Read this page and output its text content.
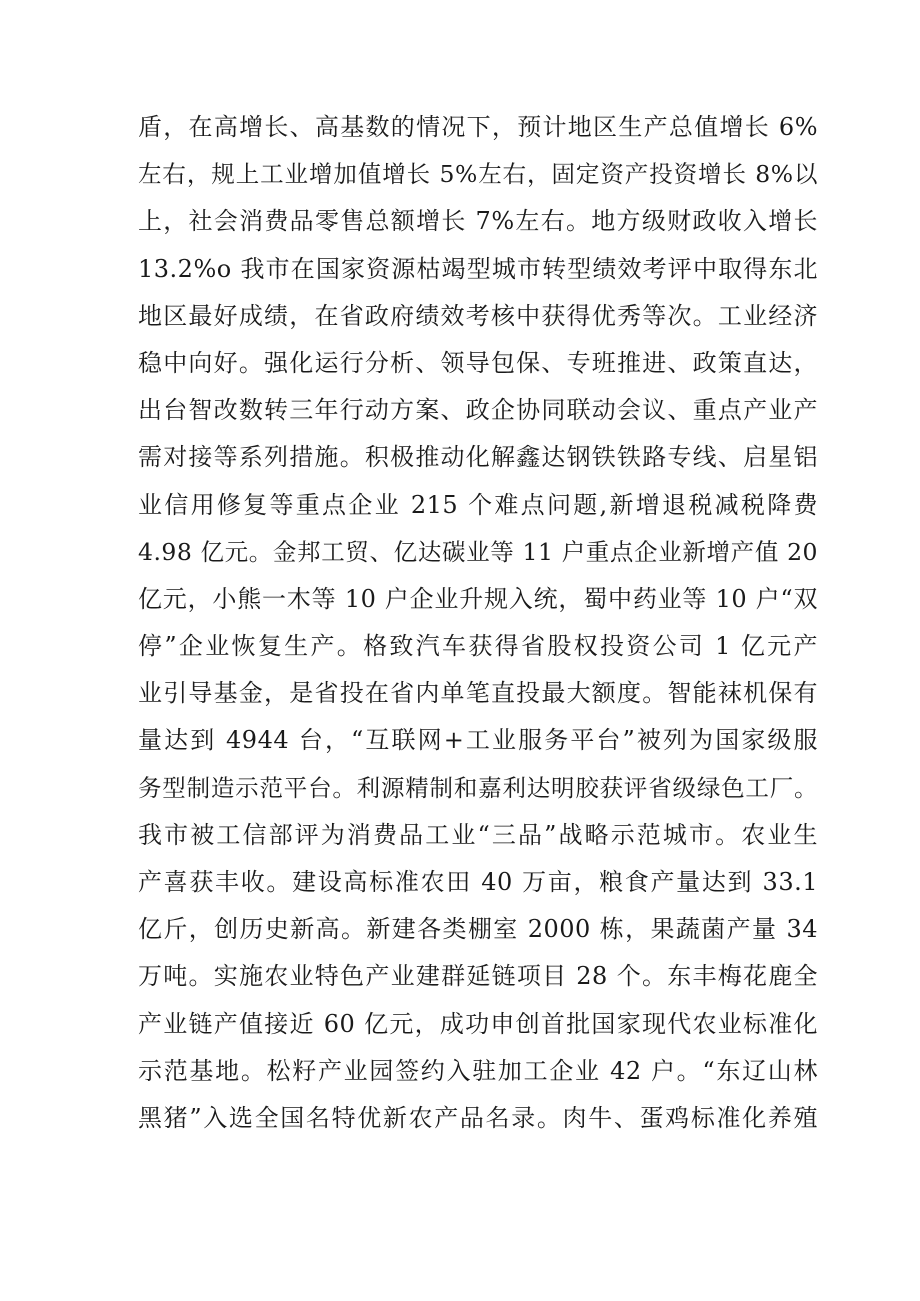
盾，在高增长、高基数的情况下，预计地区生产总值增长 6%
左右，规上工业增加值增长 5%左右，固定资产投资增长 8%以
上，社会消费品零售总额增长 7%左右。地方级财政收入增长
13.2%o 我市在国家资源枯竭型城市转型绩效考评中取得东北
地区最好成绩，在省政府绩效考核中获得优秀等次。工业经济
稳中向好。强化运行分析、领导包保、专班推进、政策直达，
出台智改数转三年行动方案、政企协同联动会议、重点产业产
需对接等系列措施。积极推动化解鑫达钢铁铁路专线、启星铝
业信用修复等重点企业 215 个难点问题,新增退税减税降费
4.98 亿元。金邦工贸、亿达碳业等 11 户重点企业新增产值 20
亿元，小熊一木等 10 户企业升规入统，蜀中药业等 10 户“双
停”企业恢复生产。格致汽车获得省股权投资公司 1 亿元产
业引导基金，是省投在省内单笔直投最大额度。智能袜机保有
量达到 4944 台，“互联网+工业服务平台”被列为国家级服
务型制造示范平台。利源精制和嘉利达明胶获评省级绿色工厂。
我市被工信部评为消费品工业“三品”战略示范城市。农业生
产喜获丰收。建设高标准农田 40 万亩，粮食产量达到 33.1
亿斤，创历史新高。新建各类棚室 2000 栋，果蔬菌产量 34
万吨。实施农业特色产业建群延链项目 28 个。东丰梅花鹿全
产业链产值接近 60 亿元，成功申创首批国家现代农业标准化
示范基地。松籽产业园签约入驻加工企业 42 户。“东辽山林
黑猪”入选全国名特优新农产品名录。肉牛、蛋鸡标准化养殖
